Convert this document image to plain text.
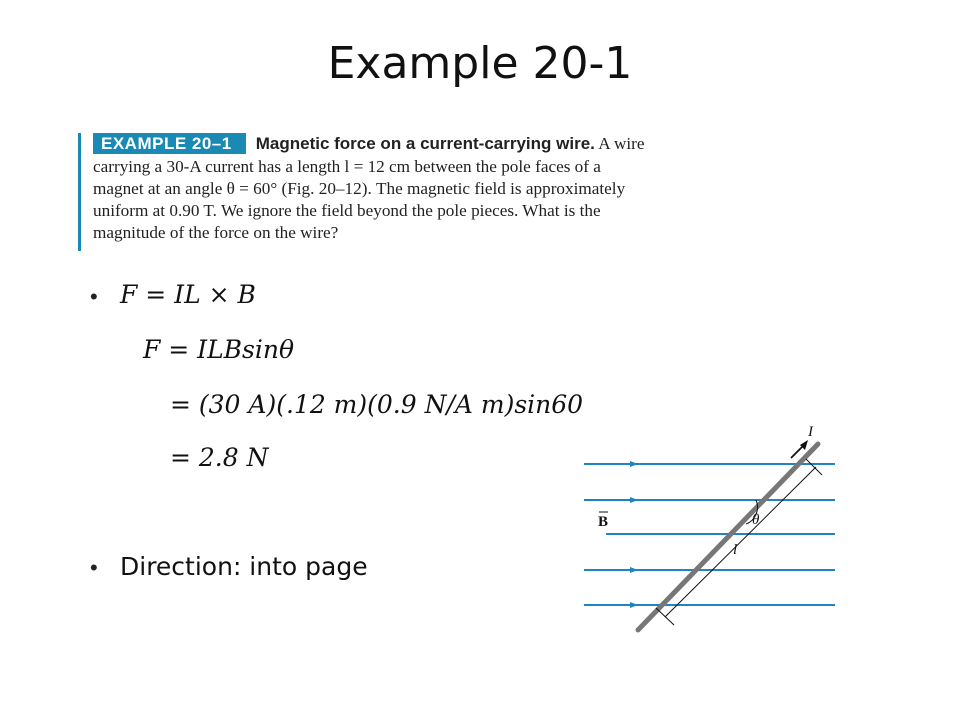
Example 20-1
EXAMPLE 20–1 Magnetic force on a current-carrying wire. A wire
carrying a 30-A current has a length l = 12 cm between the pole faces of a
magnet at an angle θ = 60° (Fig. 20–12). The magnetic field is approximately
uniform at 0.90 T. We ignore the field beyond the pole pieces. What is the
magnitude of the force on the wire?
• F = IL × B
F = ILBsinθ
= (30 A)(.12 m)(0.9 N/A m)sin60
= 2.8 N
• Direction: into page
I
B	θ
l
